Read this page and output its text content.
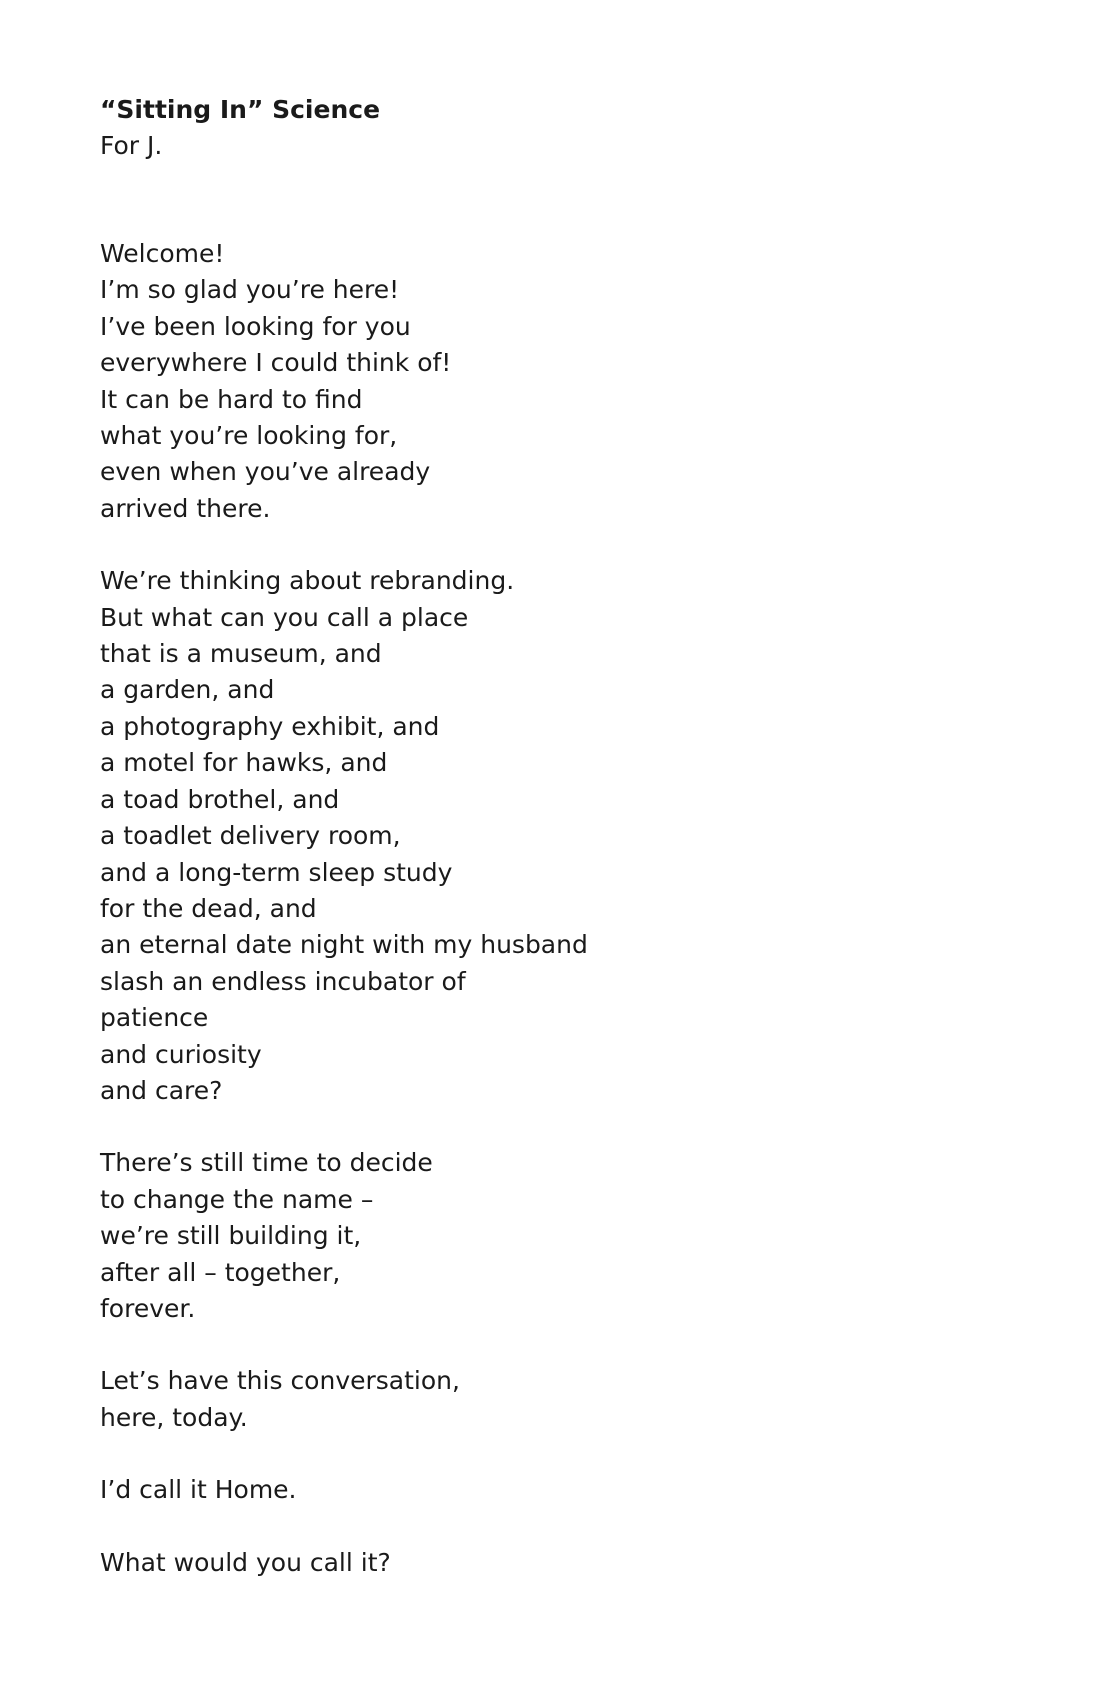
“Sitting In” Science
For J.
Welcome!
I’m so glad you’re here!
I’ve been looking for you
everywhere I could think of!
It can be hard to find
what you’re looking for,
even when you’ve already
arrived there.
We’re thinking about rebranding.
But what can you call a place
that is a museum, and
a garden, and
a photography exhibit, and
a motel for hawks, and
a toad brothel, and
a toadlet delivery room,
and a long-term sleep study
for the dead, and
an eternal date night with my husband
slash an endless incubator of
patience
and curiosity
and care?
There’s still time to decide
to change the name –
we’re still building it,
after all – together,
forever.
Let’s have this conversation,
here, today.
I’d call it Home.
What would you call it?
